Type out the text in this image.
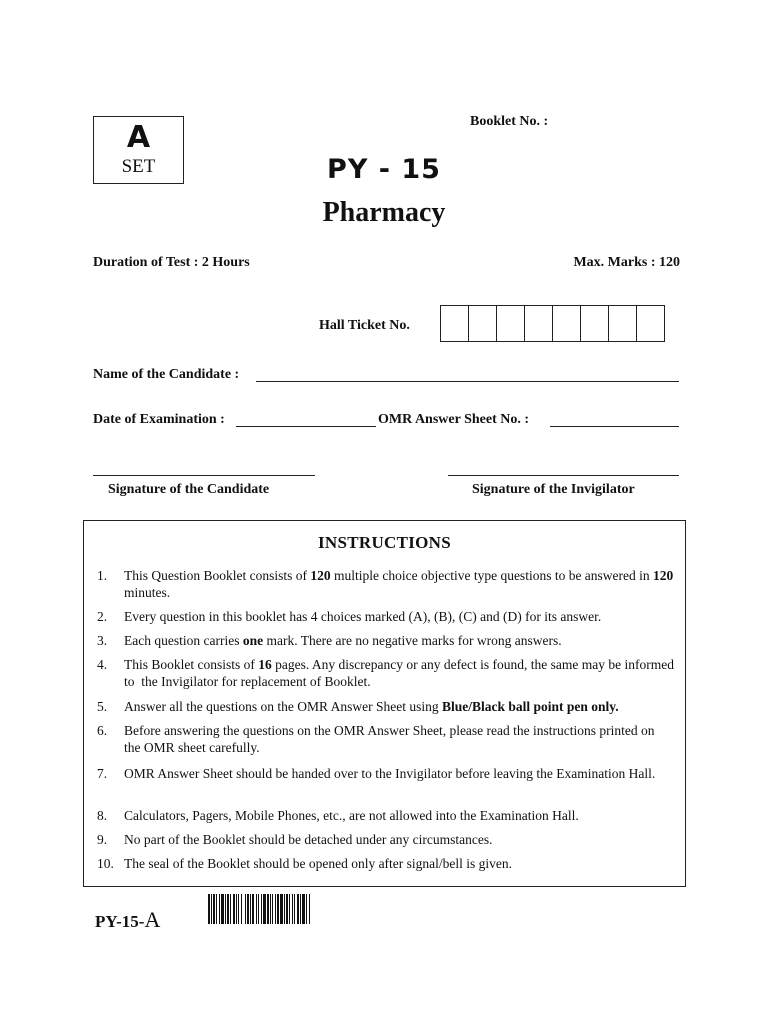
A
SET
Booklet No. :
PY - 15
Pharmacy
Duration of Test : 2 Hours	Max. Marks : 120
Hall Ticket No.
Name of the Candidate :
Date of Examination :	OMR Answer Sheet No. :
Signature of the Candidate	Signature of the Invigilator
INSTRUCTIONS
1. This Question Booklet consists of 120 multiple choice objective type questions to be answered in 120 minutes.
2. Every question in this booklet has 4 choices marked (A), (B), (C) and (D) for its answer.
3. Each question carries one mark. There are no negative marks for wrong answers.
4. This Booklet consists of 16 pages. Any discrepancy or any defect is found, the same may be informed to  the Invigilator for replacement of Booklet.
5. Answer all the questions on the OMR Answer Sheet using Blue/Black ball point pen only.
6. Before answering the questions on the OMR Answer Sheet, please read the instructions printed on the OMR sheet carefully.
7. OMR Answer Sheet should be handed over to the Invigilator before leaving the Examination Hall.
8. Calculators, Pagers, Mobile Phones, etc., are not allowed into the Examination Hall.
9. No part of the Booklet should be detached under any circumstances.
10. The seal of the Booklet should be opened only after signal/bell is given.
PY-15-A
